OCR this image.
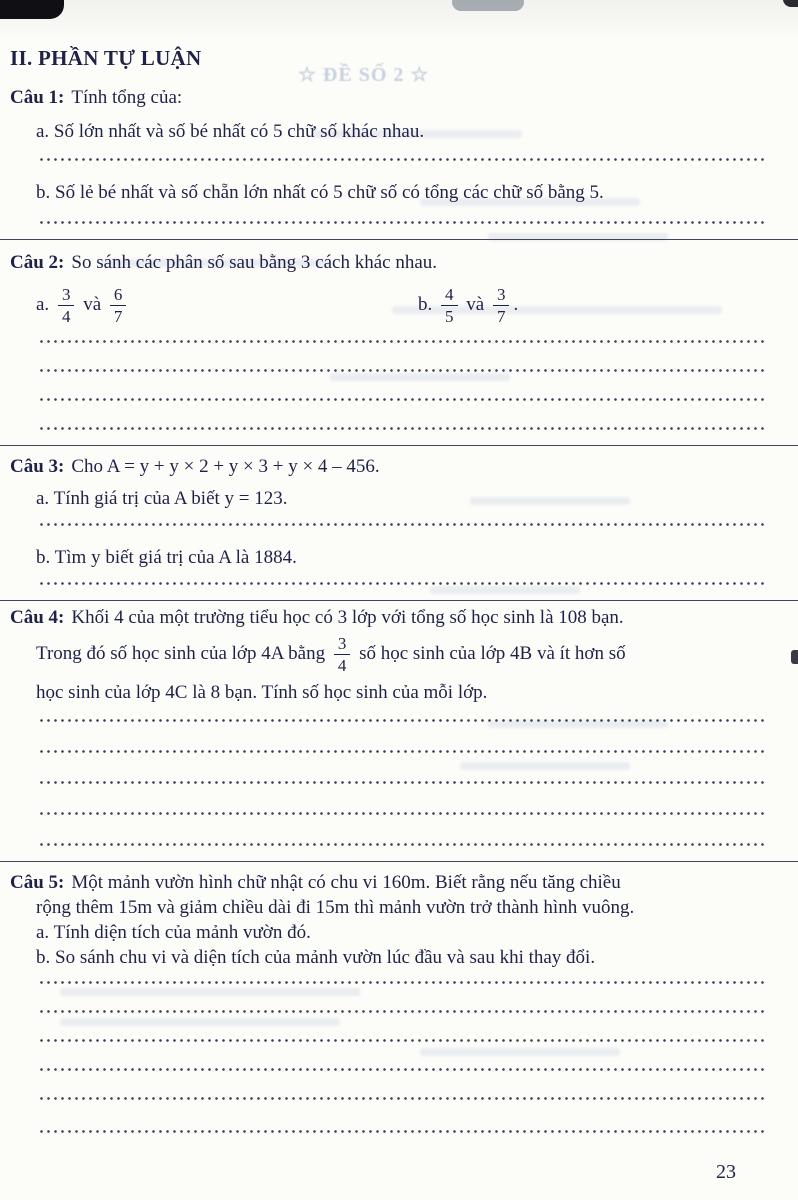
☆ ĐỀ SỐ 2 ☆
II. PHẦN TỰ LUẬN

Câu 1: Tính tổng của:

a. Số lớn nhất và số bé nhất có 5 chữ số khác nhau.

b. Số lẻ bé nhất và số chẵn lớn nhất có 5 chữ số có tổng các chữ số bằng 5.

Câu 2: So sánh các phân số sau bằng 3 cách khác nhau.

a. $\frac{3}{4}$ và $\frac{6}{7}$	b. $\frac{4}{5}$ và $\frac{3}{7}$ .

Câu 3: Cho A = y + y × 2 + y × 3 + y × 4 – 456.

a. Tính giá trị của A biết y = 123.

b. Tìm y biết giá trị của A là 1884.

Câu 4: Khối 4 của một trường tiểu học có 3 lớp với tổng số học sinh là 108 bạn.

Trong đó số học sinh của lớp 4A bằng $\frac{3}{4}$ số học sinh của lớp 4B và ít hơn số

học sinh của lớp 4C là 8 bạn. Tính số học sinh của mỗi lớp.

Câu 5: Một mảnh vườn hình chữ nhật có chu vi 160m. Biết rằng nếu tăng chiều

rộng thêm 15m và giảm chiều dài đi 15m thì mảnh vườn trở thành hình vuông.

a. Tính diện tích của mảnh vườn đó.

b. So sánh chu vi và diện tích của mảnh vườn lúc đầu và sau khi thay đổi.

23
